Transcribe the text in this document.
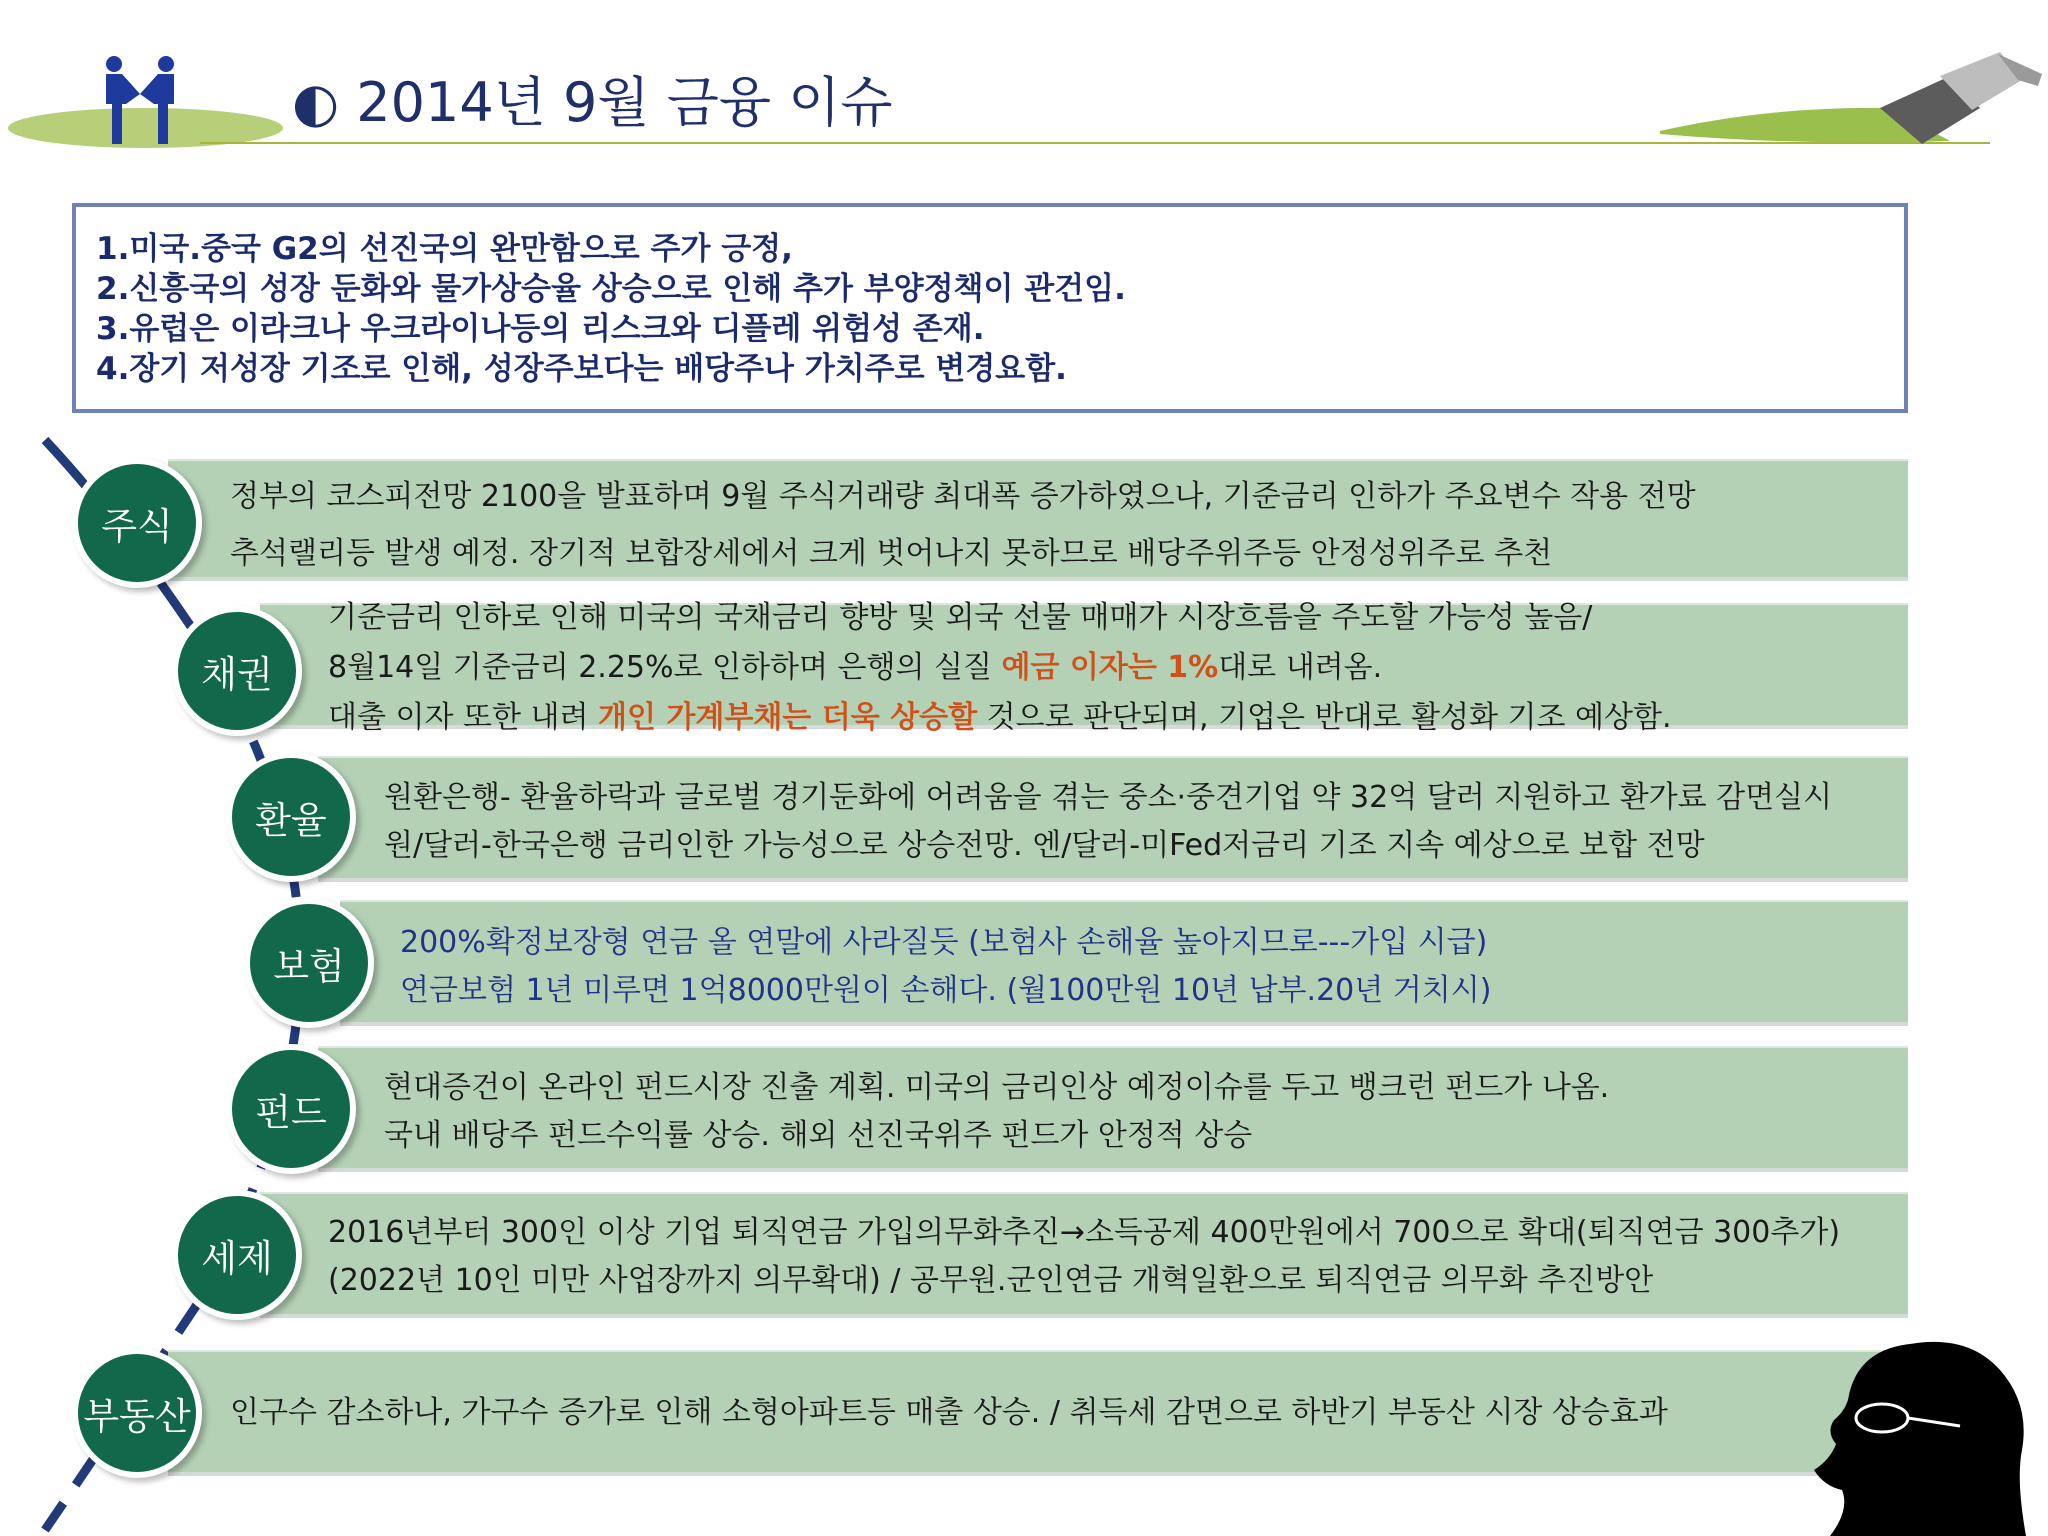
◐ 2014년 9월 금융 이슈
1.미국.중국 G2의 선진국의 완만함으로 주가 긍정,
2.신흥국의 성장 둔화와 물가상승율 상승으로 인해 추가 부양정책이 관건임.
3.유럽은 이라크나 우크라이나등의 리스크와 디플레 위험성 존재.
4.장기 저성장 기조로 인해, 성장주보다는 배당주나 가치주로 변경요함.
주식
정부의 코스피전망 2100을 발표하며 9월 주식거래량 최대폭 증가하였으나, 기준금리 인하가 주요변수 작용 전망
추석랠리등 발생 예정. 장기적 보합장세에서 크게 벗어나지 못하므로 배당주위주등 안정성위주로 추천
채권
기준금리 인하로 인해 미국의 국채금리 향방 및 외국 선물 매매가 시장흐름을 주도할 가능성 높음/
8월14일 기준금리 2.25%로 인하하며 은행의 실질 예금 이자는 1%대로 내려옴.
대출 이자 또한 내려 개인 가계부채는 더욱 상승할 것으로 판단되며, 기업은 반대로 활성화 기조 예상함.
환율
원환은행- 환율하락과 글로벌 경기둔화에 어려움을 겪는 중소·중견기업 약 32억 달러 지원하고 환가료 감면실시
원/달러-한국은행 금리인한 가능성으로 상승전망. 엔/달러-미Fed저금리 기조 지속 예상으로 보합 전망
보험
200%확정보장형 연금 올 연말에 사라질듯 (보험사 손해율 높아지므로---가입 시급)
연금보험 1년 미루면 1억8000만원이 손해다. (월100만원 10년 납부.20년 거치시)
펀드
현대증건이 온라인 펀드시장 진출 계획. 미국의 금리인상 예정이슈를 두고 뱅크런 펀드가 나옴.
국내 배당주 펀드수익률 상승. 해외 선진국위주 펀드가 안정적 상승
세제
2016년부터 300인 이상 기업 퇴직연금 가입의무화추진→소득공제 400만원에서 700으로 확대(퇴직연금 300추가)
(2022년 10인 미만 사업장까지 의무확대) / 공무원.군인연금 개혁일환으로 퇴직연금 의무화 추진방안
부동산	인구수 감소하나, 가구수 증가로 인해 소형아파트등 매출 상승. / 취득세 감면으로 하반기 부동산 시장 상승효과
